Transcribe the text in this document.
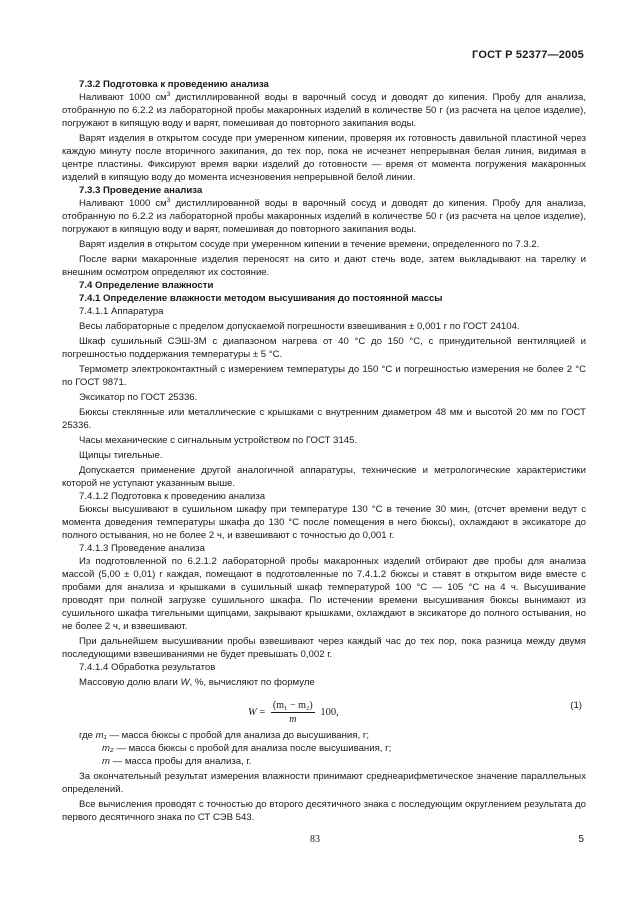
ГОСТ Р 52377—2005

7.3.2 Подготовка к проведению анализа

Наливают 1000 $см^3$ дистиллированной воды в варочный сосуд и доводят до кипения. Пробу для анализа, отобранную по 6.2.2 из лабораторной пробы макаронных изделий в количестве 50 г (из расчета на целое изделие), погружают в кипящую воду и варят, помешивая до повторного закипания воды.

Варят изделия в открытом сосуде при умеренном кипении, проверяя их готовность давильной пластиной через каждую минуту после вторичного закипания, до тех пор, пока не исчезнет непрерывная белая линия, видимая в центре пластины. Фиксируют время варки изделий до готовности — время от момента погружения макаронных изделий в кипящую воду до момента исчезновения непрерывной белой линии.

7.3.3 Проведение анализа

Наливают 1000 $см^3$ дистиллированной воды в варочный сосуд и доводят до кипения. Пробу для анализа, отобранную по 6.2.2 из лабораторной пробы макаронных изделий в количестве 50 г (из расчета на целое изделие), погружают в кипящую воду и варят, помешивая до повторного закипания воды.

Варят изделия в открытом сосуде при умеренном кипении в течение времени, определенного по 7.3.2.

После варки макаронные изделия переносят на сито и дают стечь воде, затем выкладывают на тарелку и внешним осмотром определяют их состояние.

7.4 Определение влажности

7.4.1 Определение влажности методом высушивания до постоянной массы

7.4.1.1 Аппаратура

Весы лабораторные с пределом допускаемой погрешности взвешивания ± 0,001 г по ГОСТ 24104.

Шкаф сушильный СЭШ-3М с диапазоном нагрева от 40 °С до 150 °С, с принудительной вентиляцией и погрешностью поддержания температуры ± 5 °С.

Термометр электроконтактный с измерением температуры до 150 °С и погрешностью измерения не более 2 °С по ГОСТ 9871.

Эксикатор по ГОСТ 25336.

Бюксы стеклянные или металлические с крышками с внутренним диаметром 48 мм и высотой 20 мм по ГОСТ 25336.

Часы механические с сигнальным устройством по ГОСТ 3145.

Щипцы тигельные.

Допускается применение другой аналогичной аппаратуры, технические и метрологические характеристики которой не уступают указанным выше.

7.4.1.2 Подготовка к проведению анализа

Бюксы высушивают в сушильном шкафу при температуре 130 °С в течение 30 мин, (отсчет времени ведут с момента доведения температуры шкафа до 130 °С после помещения в него бюксы), охлаждают в эксикаторе до полного остывания, но не более 2 ч, и взвешивают с точностью до 0,001 г.

7.4.1.3 Проведение анализа

Из подготовленной по 6.2.1.2 лабораторной пробы макаронных изделий отбирают две пробы для анализа массой (5,00 ± 0,01) г каждая, помещают в подготовленные по 7.4.1.2 бюксы и ставят в открытом виде вместе с пробами для анализа и крышками в сушильный шкаф температурой 100 °С — 105 °С на 4 ч. Высушивание проводят при полной загрузке сушильного шкафа. По истечении времени высушивания бюксы вынимают из сушильного шкафа тигельными щипцами, закрывают крышками, охлаждают в эксикаторе до полного остывания, но не более 2 ч, и взвешивают.

При дальнейшем высушивании пробы взвешивают через каждый час до тех пор, пока разница между двумя последующими взвешиваниями не будет превышать 0,002 г.

7.4.1.4 Обработка результатов

Массовую долю влаги W, %, вычисляют по формуле

$W = \frac{\text{(m₁ − m₂)}}{m} 100$,
(1)

где m₁ — масса бюксы с пробой для анализа до высушивания, г;

m₂ — масса бюксы с пробой для анализа после высушивания, г;

m — масса пробы для анализа, г.

За окончательный результат измерения влажности принимают среднеарифметическое значение параллельных определений.

Все вычисления проводят с точностью до второго десятичного знака с последующим округлением результата до первого десятичного знака по СТ СЭВ 543.

83	5
